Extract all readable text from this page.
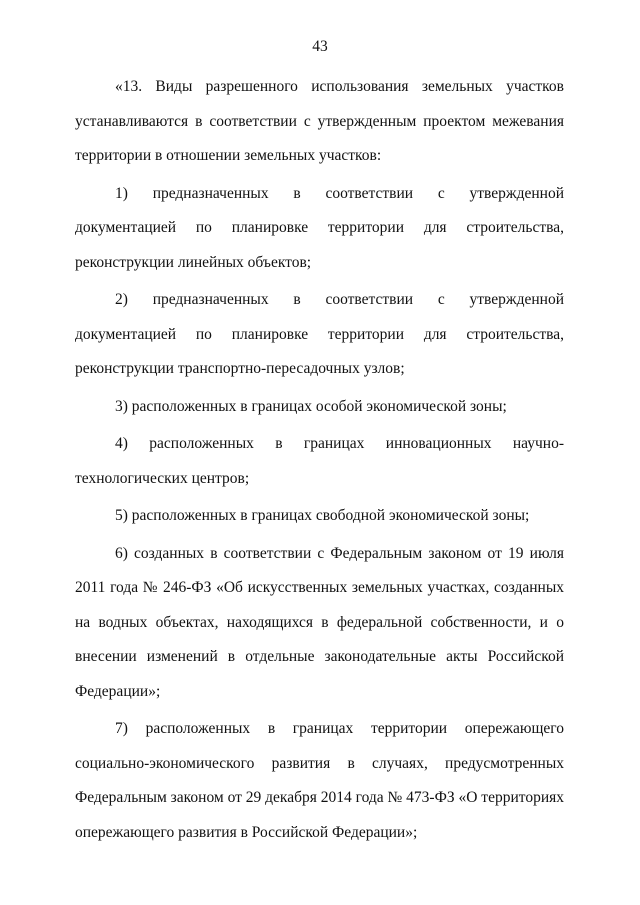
43

«13. Виды разрешенного использования земельных участков устанавливаются в соответствии с утвержденным проектом межевания территории в отношении земельных участков:

1) предназначенных в соответствии с утвержденной документацией по планировке территории для строительства, реконструкции линейных объектов;

2) предназначенных в соответствии с утвержденной документацией по планировке территории для строительства, реконструкции транспортно-пересадочных узлов;

3) расположенных в границах особой экономической зоны;

4) расположенных в границах инновационных научно-технологических центров;

5) расположенных в границах свободной экономической зоны;

6) созданных в соответствии с Федеральным законом от 19 июля 2011 года № 246-ФЗ «Об искусственных земельных участках, созданных на водных объектах, находящихся в федеральной собственности, и о внесении изменений в отдельные законодательные акты Российской Федерации»;

7) расположенных в границах территории опережающего социально-экономического развития в случаях, предусмотренных Федеральным законом от 29 декабря 2014 года № 473-ФЗ «О территориях опережающего развития в Российской Федерации»;
